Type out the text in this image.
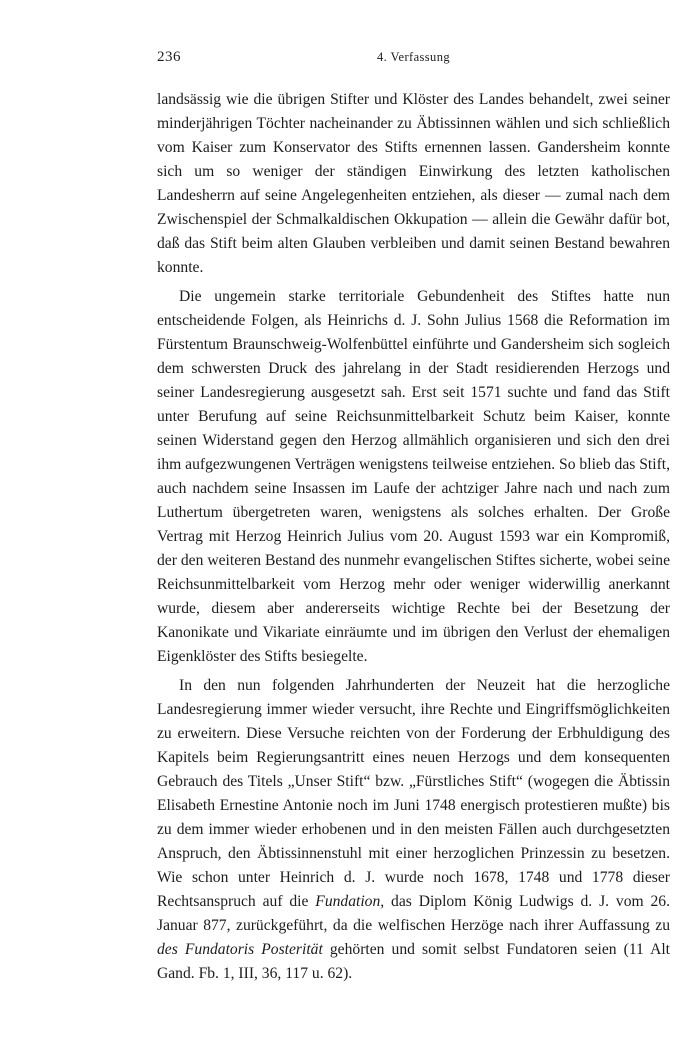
236	4. Verfassung

landsässig wie die übrigen Stifter und Klöster des Landes behandelt, zwei seiner minderjährigen Töchter nacheinander zu Äbtissinnen wählen und sich schließlich vom Kaiser zum Konservator des Stifts ernennen lassen. Gandersheim konnte sich um so weniger der ständigen Einwirkung des letzten katholischen Landesherrn auf seine Angelegenheiten entziehen, als dieser — zumal nach dem Zwischenspiel der Schmalkaldischen Okkupation — allein die Gewähr dafür bot, daß das Stift beim alten Glauben verbleiben und damit seinen Bestand bewahren konnte.

Die ungemein starke territoriale Gebundenheit des Stiftes hatte nun entscheidende Folgen, als Heinrichs d. J. Sohn Julius 1568 die Reformation im Fürstentum Braunschweig-Wolfenbüttel einführte und Gandersheim sich sogleich dem schwersten Druck des jahrelang in der Stadt residierenden Herzogs und seiner Landesregierung ausgesetzt sah. Erst seit 1571 suchte und fand das Stift unter Berufung auf seine Reichsunmittelbarkeit Schutz beim Kaiser, konnte seinen Widerstand gegen den Herzog allmählich organisieren und sich den drei ihm aufgezwungenen Verträgen wenigstens teilweise entziehen. So blieb das Stift, auch nachdem seine Insassen im Laufe der achtziger Jahre nach und nach zum Luthertum übergetreten waren, wenigstens als solches erhalten. Der Große Vertrag mit Herzog Heinrich Julius vom 20. August 1593 war ein Kompromiß, der den weiteren Bestand des nunmehr evangelischen Stiftes sicherte, wobei seine Reichsunmittelbarkeit vom Herzog mehr oder weniger widerwillig anerkannt wurde, diesem aber andererseits wichtige Rechte bei der Besetzung der Kanonikate und Vikariate einräumte und im übrigen den Verlust der ehemaligen Eigenklöster des Stifts besiegelte.

In den nun folgenden Jahrhunderten der Neuzeit hat die herzogliche Landesregierung immer wieder versucht, ihre Rechte und Eingriffsmöglichkeiten zu erweitern. Diese Versuche reichten von der Forderung der Erbhuldigung des Kapitels beim Regierungsantritt eines neuen Herzogs und dem konsequenten Gebrauch des Titels „Unser Stift“ bzw. „Fürstliches Stift“ (wogegen die Äbtissin Elisabeth Ernestine Antonie noch im Juni 1748 energisch protestieren mußte) bis zu dem immer wieder erhobenen und in den meisten Fällen auch durchgesetzten Anspruch, den Äbtissinnenstuhl mit einer herzoglichen Prinzessin zu besetzen. Wie schon unter Heinrich d. J. wurde noch 1678, 1748 und 1778 dieser Rechtsanspruch auf die Fundation, das Diplom König Ludwigs d. J. vom 26. Januar 877, zurückgeführt, da die welfischen Herzöge nach ihrer Auffassung zu des Fundatoris Posterität gehörten und somit selbst Fundatoren seien (11 Alt Gand. Fb. 1, III, 36, 117 u. 62).
